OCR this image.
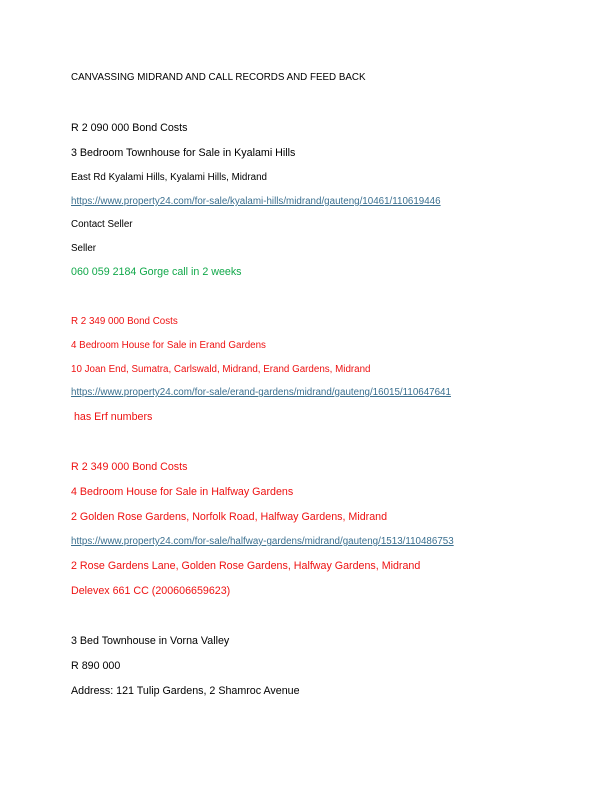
CANVASSING MIDRAND AND CALL RECORDS AND FEED BACK
R 2 090 000 Bond Costs
3 Bedroom Townhouse for Sale in Kyalami Hills
East Rd Kyalami Hills, Kyalami Hills, Midrand
https://www.property24.com/for-sale/kyalami-hills/midrand/gauteng/10461/110619446
Contact Seller
Seller
060 059 2184 Gorge call in 2 weeks
R 2 349 000 Bond Costs
4 Bedroom House for Sale in Erand Gardens
10 Joan End, Sumatra, Carlswald, Midrand, Erand Gardens, Midrand
https://www.property24.com/for-sale/erand-gardens/midrand/gauteng/16015/110647641
has Erf numbers
R 2 349 000 Bond Costs
4 Bedroom House for Sale in Halfway Gardens
2 Golden Rose Gardens, Norfolk Road, Halfway Gardens, Midrand
https://www.property24.com/for-sale/halfway-gardens/midrand/gauteng/1513/110486753
2 Rose Gardens Lane, Golden Rose Gardens, Halfway Gardens, Midrand
Delevex 661 CC (200606659623)
3 Bed Townhouse in Vorna Valley
R 890 000
Address: 121 Tulip Gardens, 2 Shamroc Avenue
